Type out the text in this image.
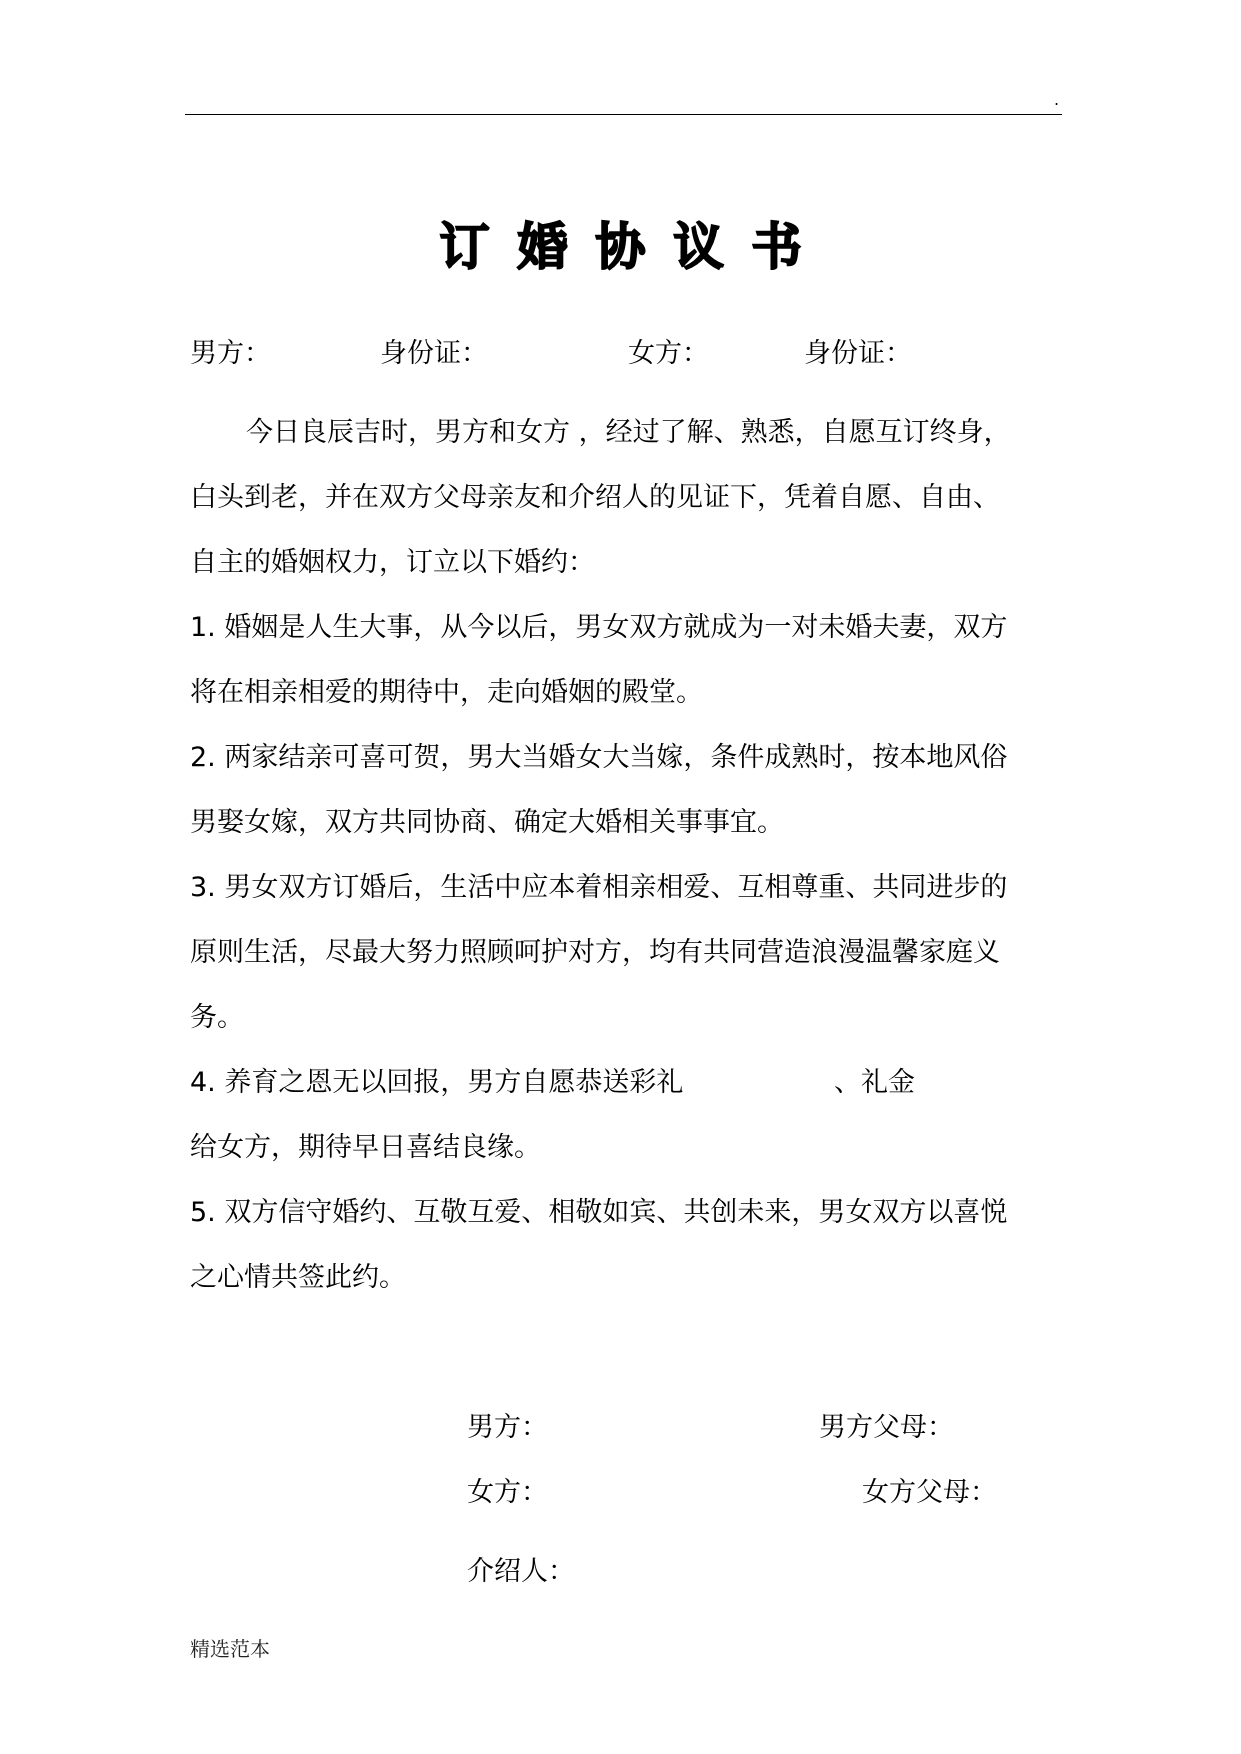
.
订婚协议书
男方：	身份证：	女方：	身份证：
今日良辰吉时，男方和女方 ，经过了解、熟悉，自愿互订终身，
白头到老，并在双方父母亲友和介绍人的见证下，凭着自愿、自由、
自主的婚姻权力，订立以下婚约：
1. 婚姻是人生大事，从今以后，男女双方就成为一对未婚夫妻，双方
将在相亲相爱的期待中，走向婚姻的殿堂。
2. 两家结亲可喜可贺，男大当婚女大当嫁，条件成熟时，按本地风俗
男娶女嫁，双方共同协商、确定大婚相关事事宜。
3. 男女双方订婚后，生活中应本着相亲相爱、互相尊重、共同进步的
原则生活，尽最大努力照顾呵护对方，均有共同营造浪漫温馨家庭义
务。
4. 养育之恩无以回报，男方自愿恭送彩礼	、礼金
给女方，期待早日喜结良缘。
5. 双方信守婚约、互敬互爱、相敬如宾、共创未来，男女双方以喜悦
之心情共签此约。
男方：	男方父母：
女方：	女方父母：
介绍人：
精选范本
